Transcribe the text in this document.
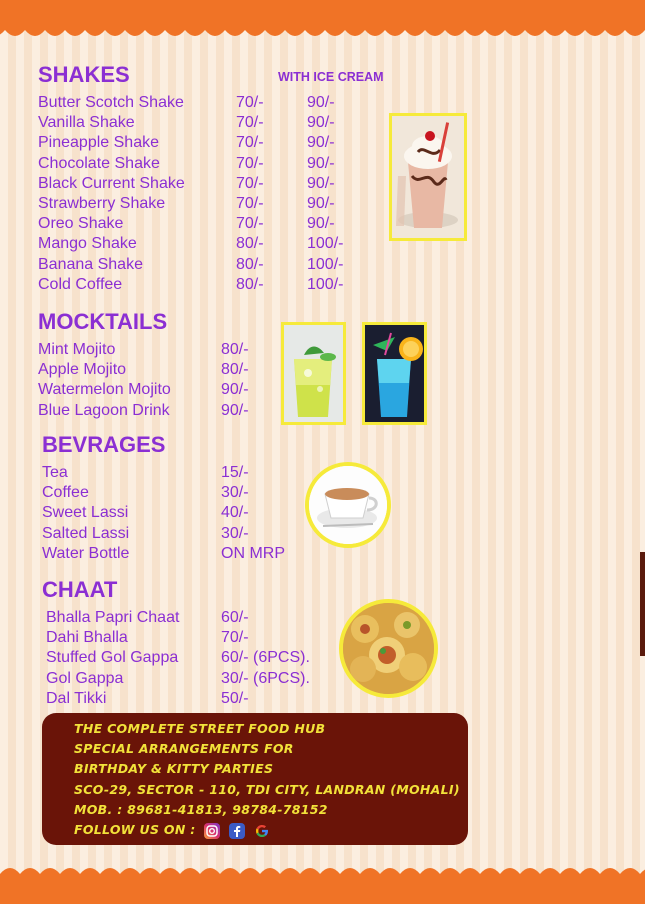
SHAKES	WITH ICE CREAM
Butter Scotch Shake	70/-	90/-
Vanilla Shake	70/-	90/-
Pineapple Shake	70/-	90/-
Chocolate Shake	70/-	90/-
Black Current Shake	70/-	90/-
Strawberry Shake	70/-	90/-
Oreo Shake	70/-	90/-
Mango Shake	80/-	100/-
Banana Shake	80/-	100/-
Cold Coffee	80/-	100/-
MOCKTAILS
Mint Mojito	80/-
Apple Mojito	80/-
Watermelon Mojito	90/-
Blue Lagoon Drink	90/-
BEVRAGES
Tea	15/-
Coffee	30/-
Sweet Lassi	40/-
Salted Lassi	30/-
Water Bottle	ON MRP
CHAAT
Bhalla Papri Chaat	60/-
Dahi Bhalla	70/-
Stuffed Gol Gappa	60/- (6PCS).
Gol Gappa	30/- (6PCS).
Dal Tikki	50/-
THE COMPLETE STREET FOOD HUB
SPECIAL ARRANGEMENTS FOR
BIRTHDAY & KITTY PARTIES
SCO-29, SECTOR - 110, TDI CITY, LANDRAN (MOHALI)
MOB. : 89681-41813, 98784-78152
FOLLOW US ON :
